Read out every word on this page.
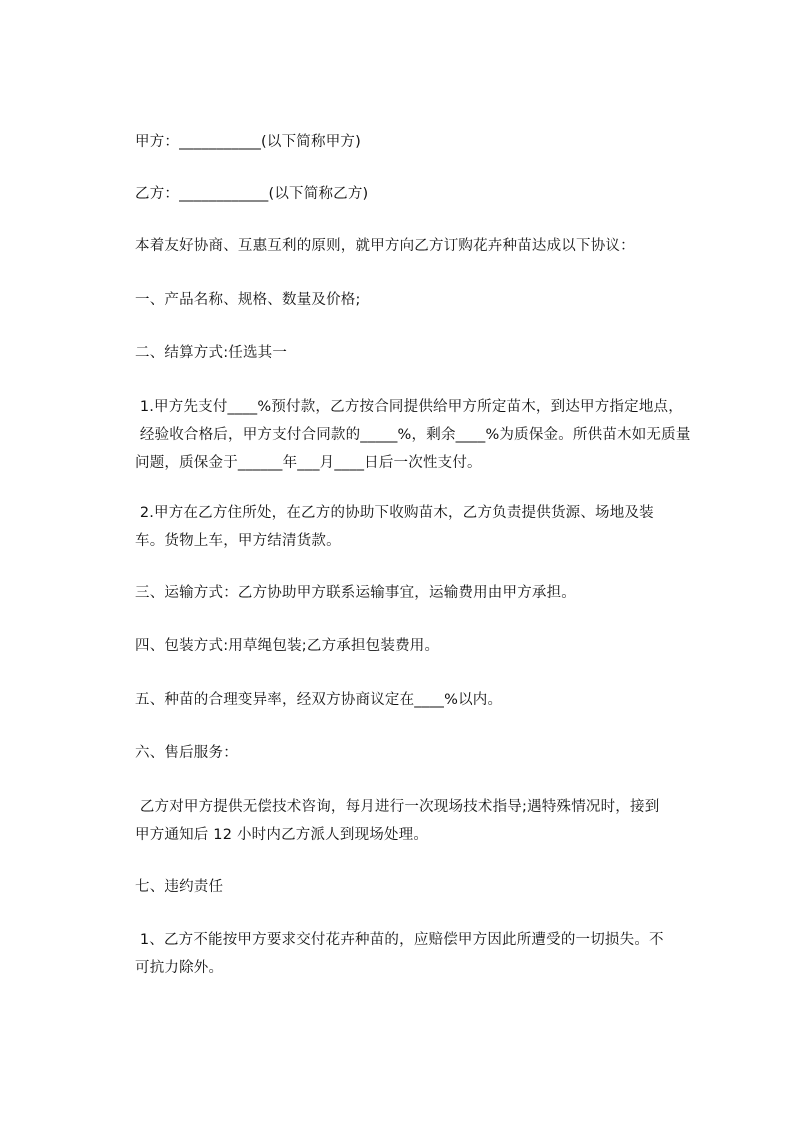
甲方：___________(以下简称甲方)
乙方：____________(以下简称乙方)
本着友好协商、互惠互利的原则，就甲方向乙方订购花卉种苗达成以下协议：
一、产品名称、规格、数量及价格;
二、结算方式:任选其一
1.甲方先支付____%预付款，乙方按合同提供给甲方所定苗木，到达甲方指定地点，
经验收合格后，甲方支付合同款的_____%，剩余____%为质保金。所供苗木如无质量
问题，质保金于______年___月____日后一次性支付。
2.甲方在乙方住所处，在乙方的协助下收购苗木，乙方负责提供货源、场地及装
车。货物上车，甲方结清货款。
三、运输方式：乙方协助甲方联系运输事宜，运输费用由甲方承担。
四、包装方式:用草绳包装;乙方承担包装费用。
五、种苗的合理变异率，经双方协商议定在____%以内。
六、售后服务：
乙方对甲方提供无偿技术咨询，每月进行一次现场技术指导;遇特殊情况时，接到
甲方通知后 12 小时内乙方派人到现场处理。
七、违约责任
1、乙方不能按甲方要求交付花卉种苗的，应赔偿甲方因此所遭受的一切损失。不
可抗力除外。
